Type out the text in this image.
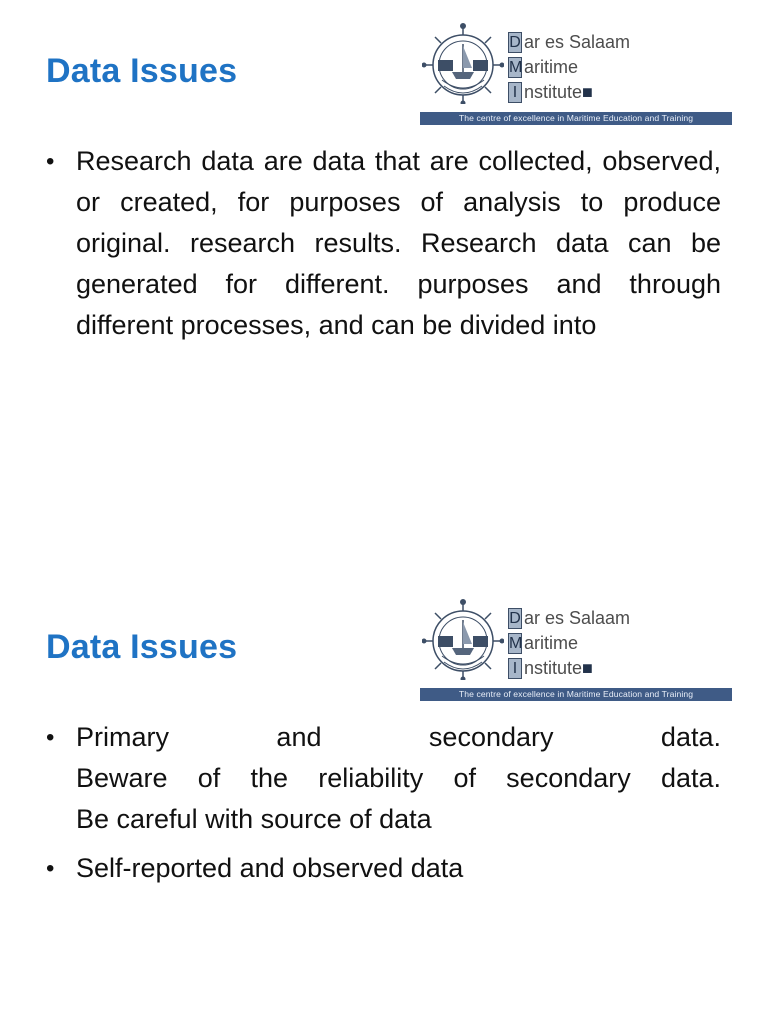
Data Issues
D ar es Salaam
M aritime
I nstitute ■
The centre of excellence in Maritime Education and Training
• Research data are data that are collected, observed, or created, for purposes of analysis to produce original. research results. Research data can be generated for different. purposes and through different processes, and can be divided into
Data Issues
D ar es Salaam
M aritime
I nstitute ■
The centre of excellence in Maritime Education and Training
• Primary and secondary data.
Beware of the reliability of secondary data.
Be careful with source of data
• Self-reported and observed data
